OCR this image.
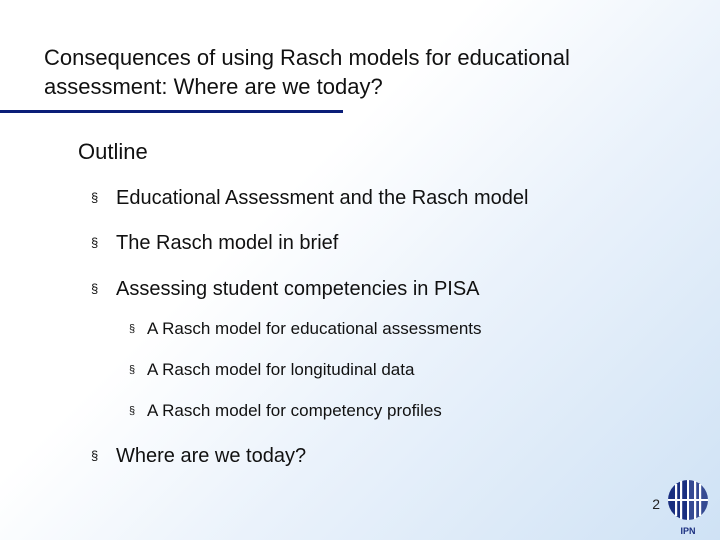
Consequences of using Rasch models for educational
assessment: Where are we today?
Outline
§ Educational Assessment and the Rasch model
§ The Rasch model in brief
§ Assessing student competencies in PISA
§ A Rasch model for educational assessments
§ A Rasch model for longitudinal data
§ A Rasch model for competency profiles
§ Where are we today?
2
IPN
